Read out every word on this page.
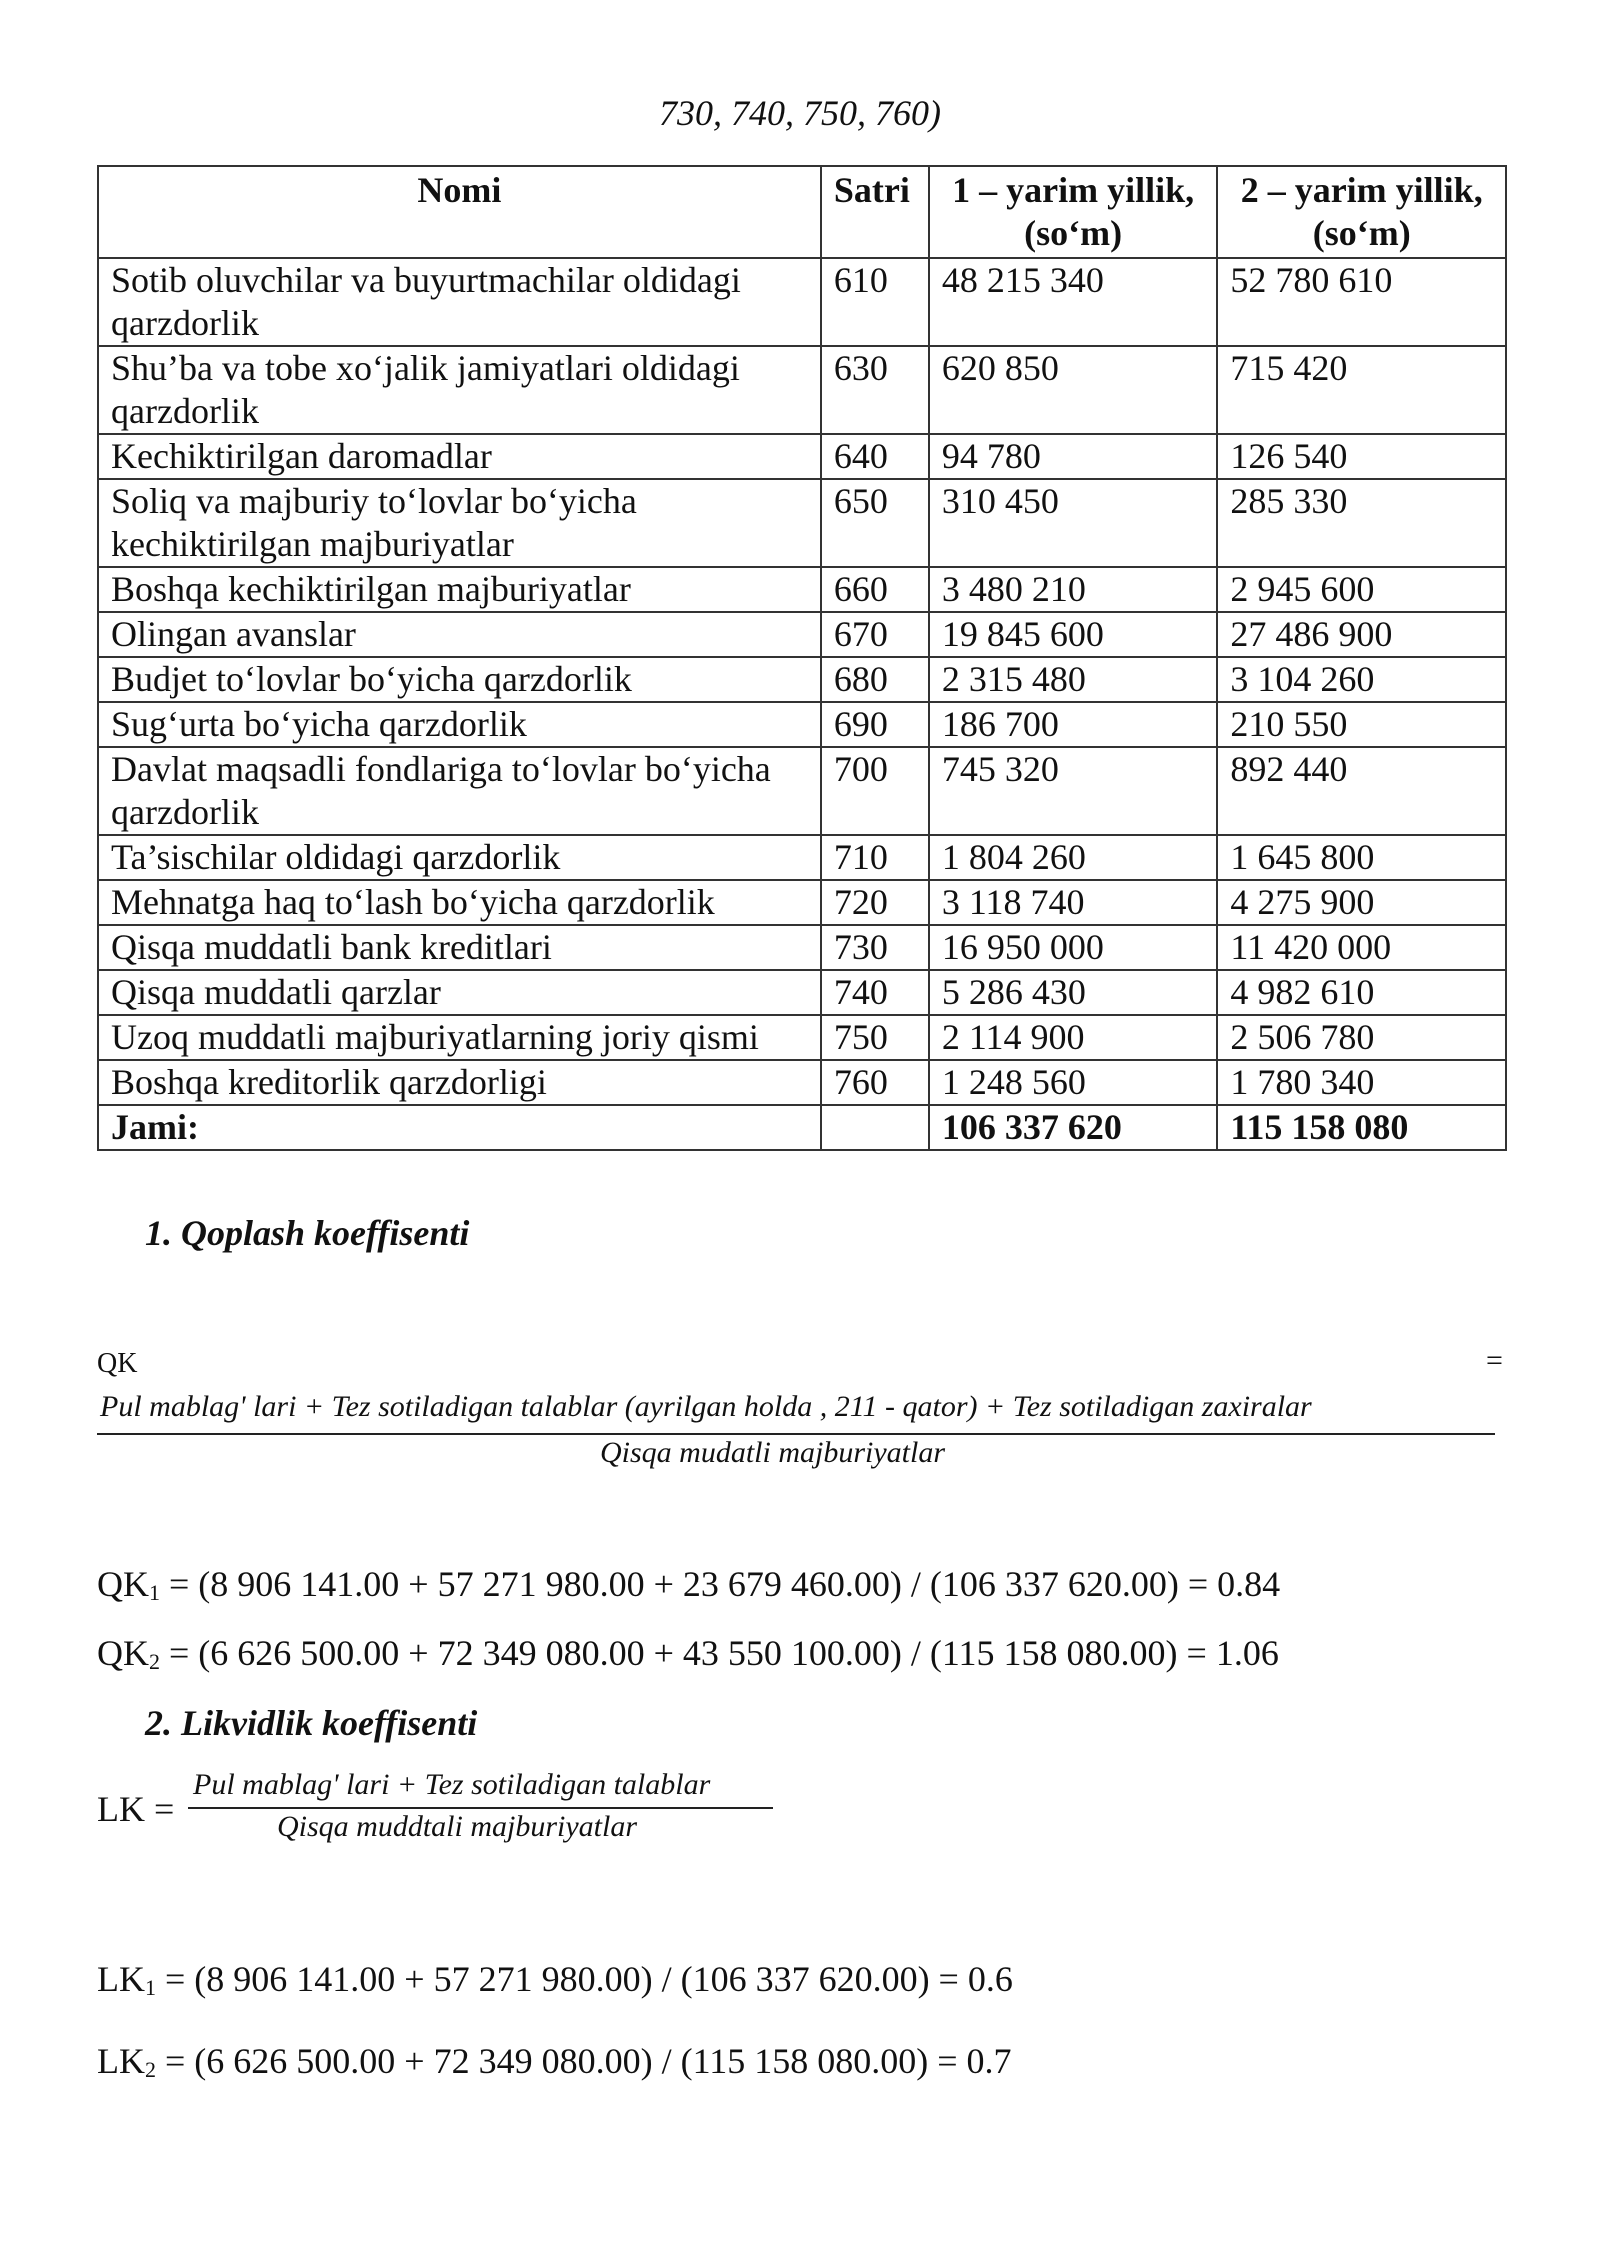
730, 740, 750, 760)
Nomi	Satri	1 – yarim yillik, (so‘m)	2 – yarim yillik, (so‘m)
Sotib oluvchilar va buyurtmachilar oldidagi qarzdorlik	610	48 215 340	52 780 610
Shu’ba va tobe xo‘jalik jamiyatlari oldidagi qarzdorlik	630	620 850	715 420
Kechiktirilgan daromadlar	640	94 780	126 540
Soliq va majburiy to‘lovlar bo‘yicha kechiktirilgan majburiyatlar	650	310 450	285 330
Boshqa kechiktirilgan majburiyatlar	660	3 480 210	2 945 600
Olingan avanslar	670	19 845 600	27 486 900
Budjet to‘lovlar bo‘yicha qarzdorlik	680	2 315 480	3 104 260
Sug‘urta bo‘yicha qarzdorlik	690	186 700	210 550
Davlat maqsadli fondlariga to‘lovlar bo‘yicha qarzdorlik	700	745 320	892 440
Ta’sischilar oldidagi qarzdorlik	710	1 804 260	1 645 800
Mehnatga haq to‘lash bo‘yicha qarzdorlik	720	3 118 740	4 275 900
Qisqa muddatli bank kreditlari	730	16 950 000	11 420 000
Qisqa muddatli qarzlar	740	5 286 430	4 982 610
Uzoq muddatli majburiyatlarning joriy qismi	750	2 114 900	2 506 780
Boshqa kreditorlik qarzdorligi	760	1 248 560	1 780 340
Jami:		106 337 620	115 158 080
1. Qoplash koeffisenti
QK	=
Pul mablag' lari + Tez sotiladigan talablar (ayrilgan holda , 211 - qator) + Tez sotiladigan zaxiralar
Qisqa mudatli majburiyatlar
$QK_1 = (8$ 906 141.00 + 57 271 980.00 + 23 679 460.00) / (106 337 620.00) = 0.84
$QK_2 = (6$ 626 500.00 + 72 349 080.00 + 43 550 100.00) / (115 158 080.00) = 1.06
2. Likvidlik koeffisenti
LK =
Pul mablag' lari + Tez sotiladigan talablar
Qisqa muddtali majburiyatlar
$LK_1 = (8$ 906 141.00 + 57 271 980.00) / (106 337 620.00) = 0.6
$LK_2 = (6$ 626 500.00 + 72 349 080.00) / (115 158 080.00) = 0.7
